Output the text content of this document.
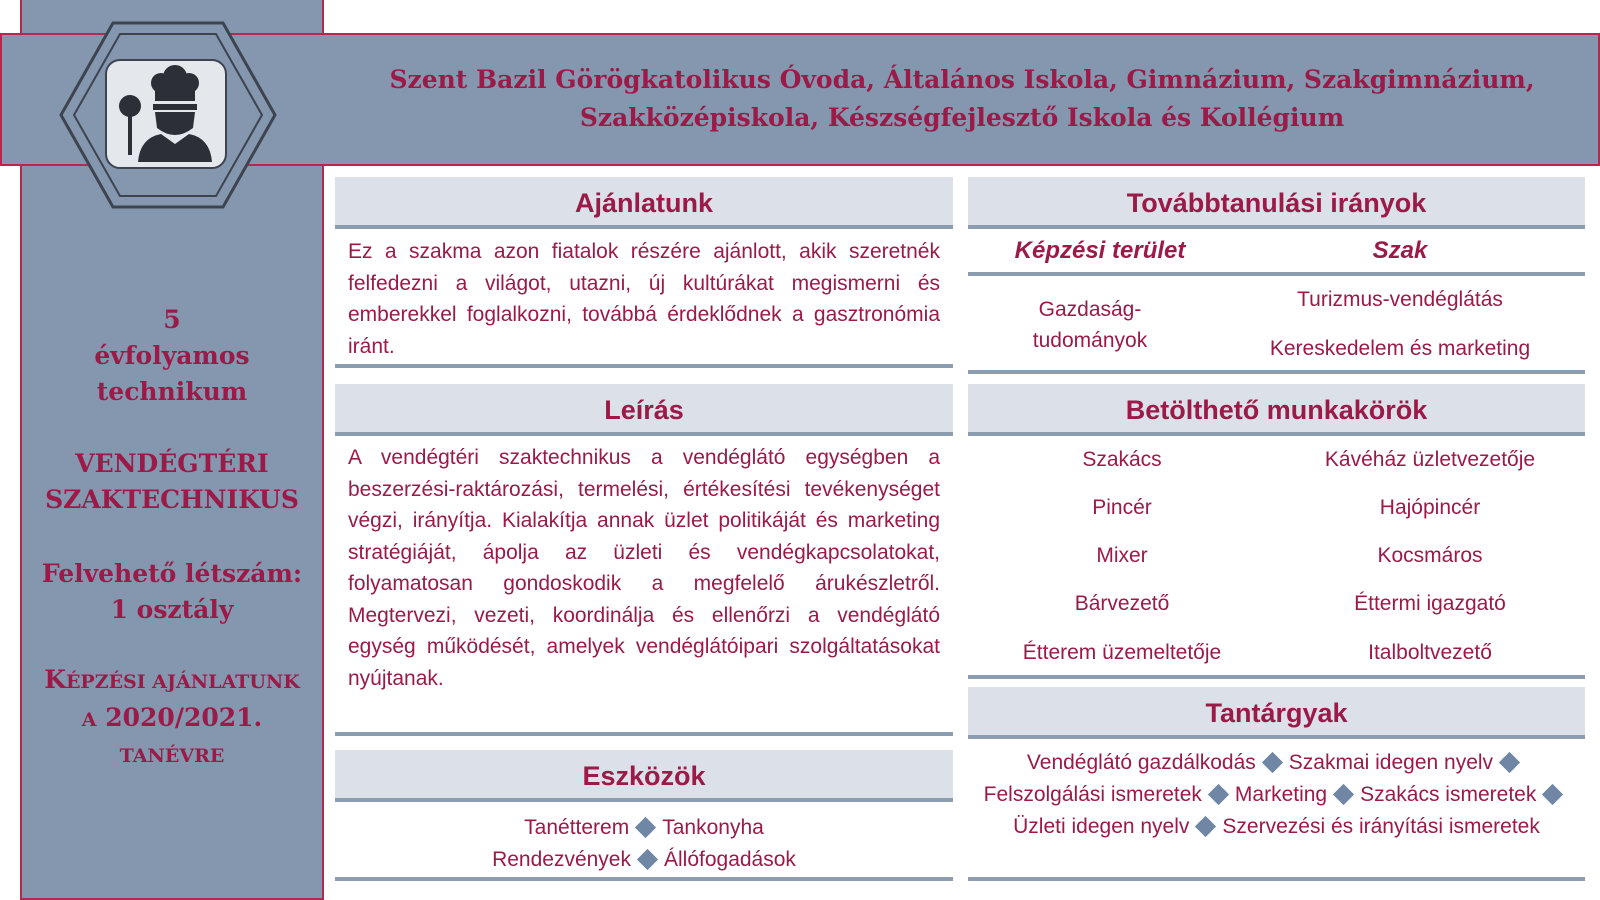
Szent Bazil Görögkatolikus Óvoda, Általános Iskola, Gimnázium, Szakgimnázium,
Szakközépiskola, Készségfejlesztő Iskola és Kollégium
5
évfolyamos
technikum
VENDÉGTÉRI
SZAKTECHNIKUS
Felvehető létszám:
1 osztály
KÉPZÉSI AJÁNLATUNK
A 2020/2021.
TANÉVRE
Ajánlatunk
Ez a szakma azon fiatalok részére ajánlott, akik szeretnék felfedezni a világot, utazni, új kultúrákat megismerni és emberekkel foglalkozni, továbbá érdeklődnek a gasztronómia iránt.
Leírás
A vendégtéri szaktechnikus a vendéglátó egységben a beszerzési-raktározási, termelési, értékesítési tevékenységet végzi, irányítja. Kialakítja annak üzlet politikáját és marketing stratégiáját, ápolja az üzleti és vendégkapcsolatokat, folyamatosan gondoskodik a megfelelő árukészletről. Megtervezi, vezeti, koordinálja és ellenőrzi a vendéglátó egység működését, amelyek vendéglátóipari szolgáltatásokat nyújtanak.
Eszközök
Tanétterem Tankonyha
Rendezvények Állófogadások
Továbbtanulási irányok
Képzési terület	Szak
Gazdaság-
tudományok
Turizmus-vendéglátás
Kereskedelem és marketing
Betölthető munkakörök
Szakács
Pincér
Mixer
Bárvezető
Étterem üzemeltetője
Kávéház üzletvezetője
Hajópincér
Kocsmáros
Éttermi igazgató
Italboltvezető
Tantárgyak
Vendéglátó gazdálkodás Szakmai idegen nyelv
Felszolgálási ismeretek Marketing Szakács ismeretekÜzleti idegen nyelv Szervezési és irányítási ismeretek
